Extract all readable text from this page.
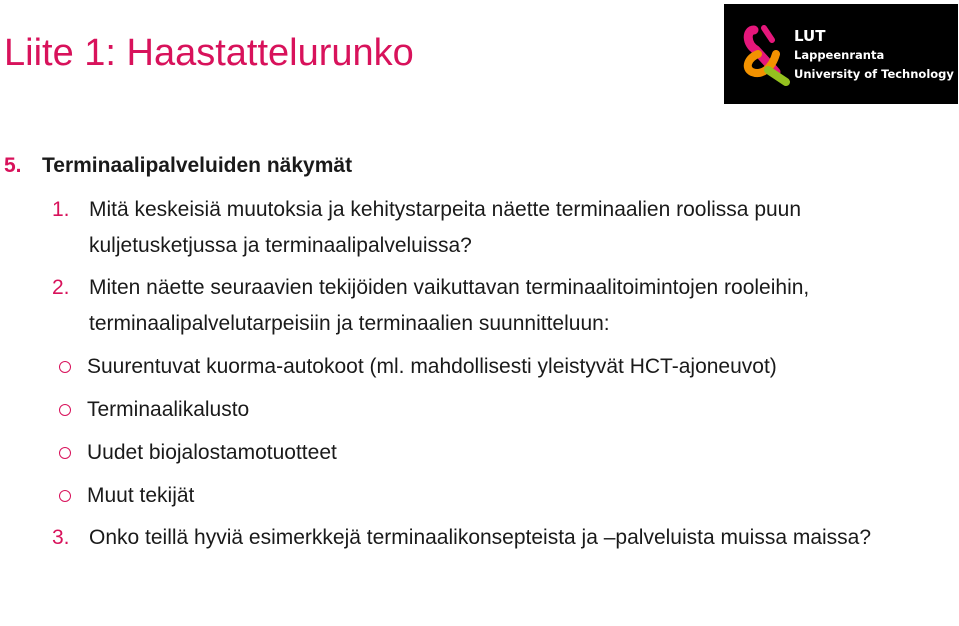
Liite 1: Haastattelurunko	LUT
Lappeenranta
University of Technology
5. Terminaalipalveluiden näkymät
1. Mitä keskeisiä muutoksia ja kehitystarpeita näette terminaalien roolissa puun kuljetusketjussa ja terminaalipalveluissa?
2. Miten näette seuraavien tekijöiden vaikuttavan terminaalitoimintojen rooleihin, terminaalipalvelutarpeisiin ja terminaalien suunnitteluun:
Suurentuvat kuorma-autokoot (ml. mahdollisesti yleistyvät HCT-ajoneuvot)
Terminaalikalusto
Uudet biojalostamotuotteet
Muut tekijät
3. Onko teillä hyviä esimerkkejä terminaalikonsepteista ja –palveluista muissa maissa?
